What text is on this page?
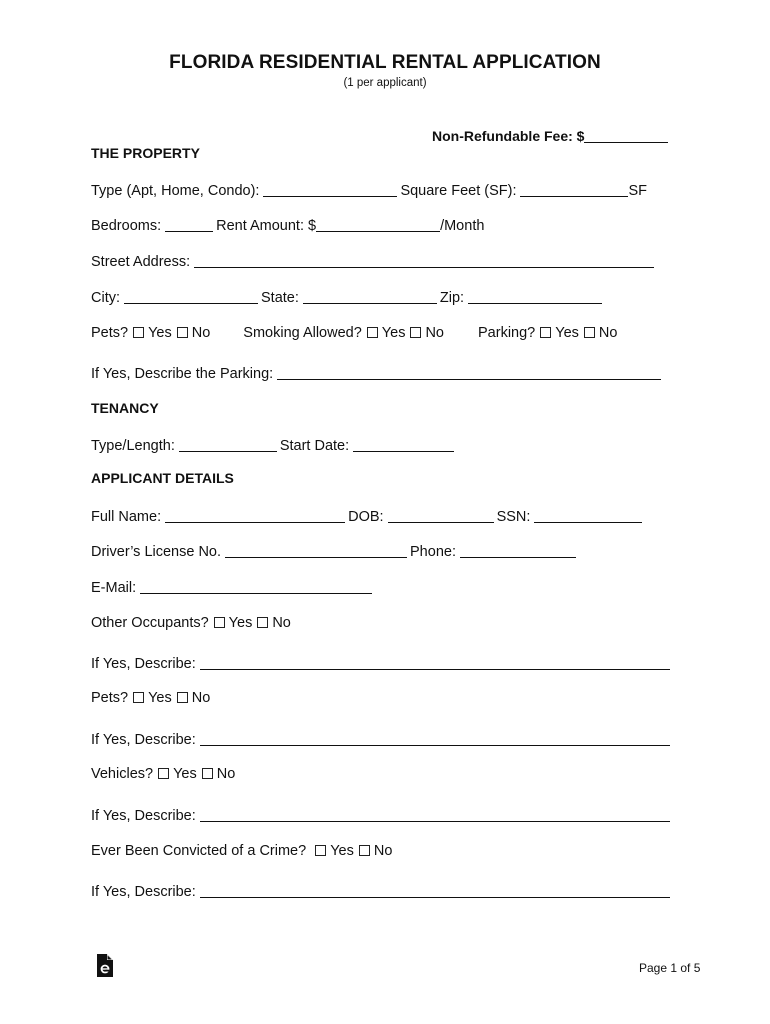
FLORIDA RESIDENTIAL RENTAL APPLICATION
(1 per applicant)
Non-Refundable Fee: $
THE PROPERTY
Type (Apt, Home, Condo):	Square Feet (SF):	SF
Bedrooms:	Rent Amount: $	/Month
Street Address:
City:	State:	Zip:
Pets? Yes No Smoking Allowed? Yes No Parking? Yes No
If Yes, Describe the Parking:
TENANCY
Type/Length:	Start Date:
APPLICANT DETAILS
Full Name:	DOB:	SSN:
Driver’s License No.	Phone:
E-Mail:
Other Occupants? Yes No
If Yes, Describe:
Pets? Yes No
If Yes, Describe:
Vehicles? Yes No
If Yes, Describe:
Ever Been Convicted of a Crime? Yes No
If Yes, Describe:
Page 1 of 5
